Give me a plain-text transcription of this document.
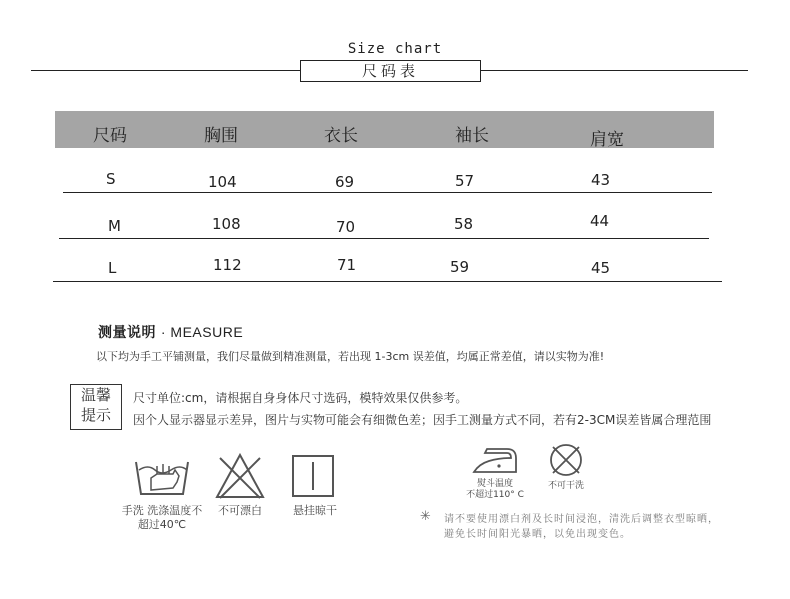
Size chart
尺码表
尺码	胸围	衣长	袖长	肩宽
S	104	69	57	43
M	108	70	58	44
L	112	71	59	45
测量说明 · MEASURE
以下均为手工平铺测量，我们尽量做到精准测量，若出现 1-3cm 误差值，均属正常差值，请以实物为准!
温馨
提示
尺寸单位:cm，请根据自身身体尺寸选码，模特效果仅供参考。
因个人显示器显示差异，图片与实物可能会有细微色差；因手工测量方式不同，若有2-3CM误差皆属合理范围
手洗 洗涤温度不
超过40℃
不可漂白	悬挂晾干
熨斗温度
不超过110° C
不可干洗
✳ 请不要使用漂白剂及长时间浸泡，清洗后调整衣型晾晒，
避免长时间阳光暴晒，以免出现变色。
